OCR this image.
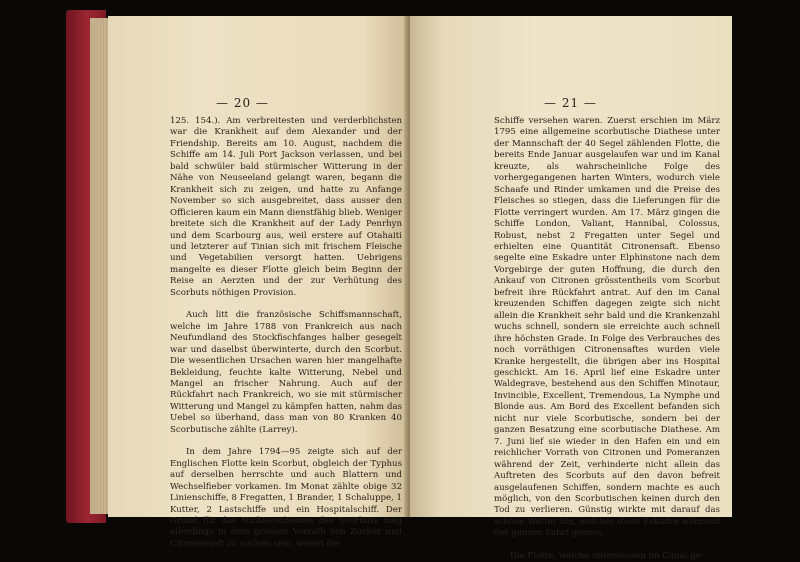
— 20 —

125. 154.). Am verbreitesten und verderblichsten war die Krankheit auf dem Alexander und der Friendship. Bereits am 10. August, nachdem die Schiffe am 14. Juli Port Jackson verlassen, und bei bald schwüler bald stürmischer Witterung in der Nähe von Neuseeland gelangt waren, begann die Krankheit sich zu zeigen, und hatte zu Anfange November so sich ausgebreitet, dass ausser den Officieren kaum ein Mann dienstfähig blieb. Weniger breitete sich die Krankheit auf der Lady Penrhyn und dem Scarbourg aus, weil erstere auf Otahaiti und letzterer auf Tinian sich mit frischem Fleische und Vegetabilien versorgt hatten. Uebrigens mangelte es dieser Flotte gleich beim Beginn der Reise an Aerzten und der zur Verhütung des Scorbuts nöthigen Provision.

Auch litt die französische Schiffsmannschaft, welche im Jahre 1788 von Frankreich aus nach Neufundland des Stockfischfanges halber gesegelt war und daselbst überwinterte, durch den Scorbut. Die wesentlichen Ursachen waren hier mangelhafte Bekleidung, feuchte kalte Witterung, Nebel und Mangel an frischer Nahrung. Auch auf der Rückfahrt nach Frankreich, wo sie mit stürmischer Witterung und Mangel zu kämpfen hatten, nahm das Uebel so überhand, dass man von 80 Kranken 40 Scorbutische zählte (Larrey).

In dem Jahre 1794—95 zeigte sich auf der Englischen Flotte kein Scorbut, obgleich der Typhus auf derselben herrschte und auch Blattern und Wechselfieber vorkamen. Im Monat zählte obige 32 Linienschiffe, 8 Fregatten, 1 Brander, 1 Schaluppe, 1 Kutter, 2 Lastschiffe und ein Hospitalschiff. Der Grund für das Nichterscheinen des Scorbuts mag allerdings in dem grossen Vorrath von Zucker und Citronensaft zu suchen sein, womit die

— 21 —

Schiffe versehen waren. Zuerst erschien im März 1795 eine allgemeine scorbutische Diathese unter der Mannschaft der 40 Segel zählenden Flotte, die bereits Ende Januar ausgelaufen war und im Kanal kreuzte, als wahrscheinliche Folge des vorhergegangenen harten Winters, wodurch viele Schaafe und Rinder umkamen und die Preise des Fleisches so stiegen, dass die Lieferungen für die Flotte verringert wurden. Am 17. März gingen die Schiffe London, Valiant, Hannibal, Colossus, Robust, nebst 2 Fregatten unter Segel und erhielten eine Quantität Citronensaft. Ebenso segelte eine Eskadre unter Elphinstone nach dem Vorgebirge der guten Hoffnung, die durch den Ankauf von Citronen grösstentheils vom Scorbut befreit ihre Rückfahrt antrat. Auf den im Canal kreuzenden Schiffen dagegen zeigte sich nicht allein die Krankheit sehr bald und die Krankenzahl wuchs schnell, sondern sie erreichte auch schnell ihre höchsten Grade. In Folge des Verbrauches des noch vorräthigen Citronensaftes wurden viele Kranke hergestellt, die übrigen aber ins Hospital geschickt. Am 16. April lief eine Eskadre unter Waldegrave, bestehend aus den Schiffen Minotaur, Invincible, Excellent, Tremendous, La Nymphe und Blonde aus. Am Bord des Excellent befanden sich nicht nur viele Scorbutische, sondern bei der ganzen Besatzung eine scorbutische Diathese. Am 7. Juni lief sie wieder in den Hafen ein und ein reichlicher Vorrath von Citronen und Pomeranzen während der Zeit, verhinderte nicht allein das Auftreten des Scorbuts auf den davon befreit ausgelaufenen Schiffen, sondern machte es auch möglich, von den Scorbutischen keinen durch den Tod zu verlieren. Günstig wirkte mit darauf das schöne Wetter hin, welches diese Eskadre während der ganzen Fahrt genoss.

Die Flotte, welche unterdessen im Canal ge-
